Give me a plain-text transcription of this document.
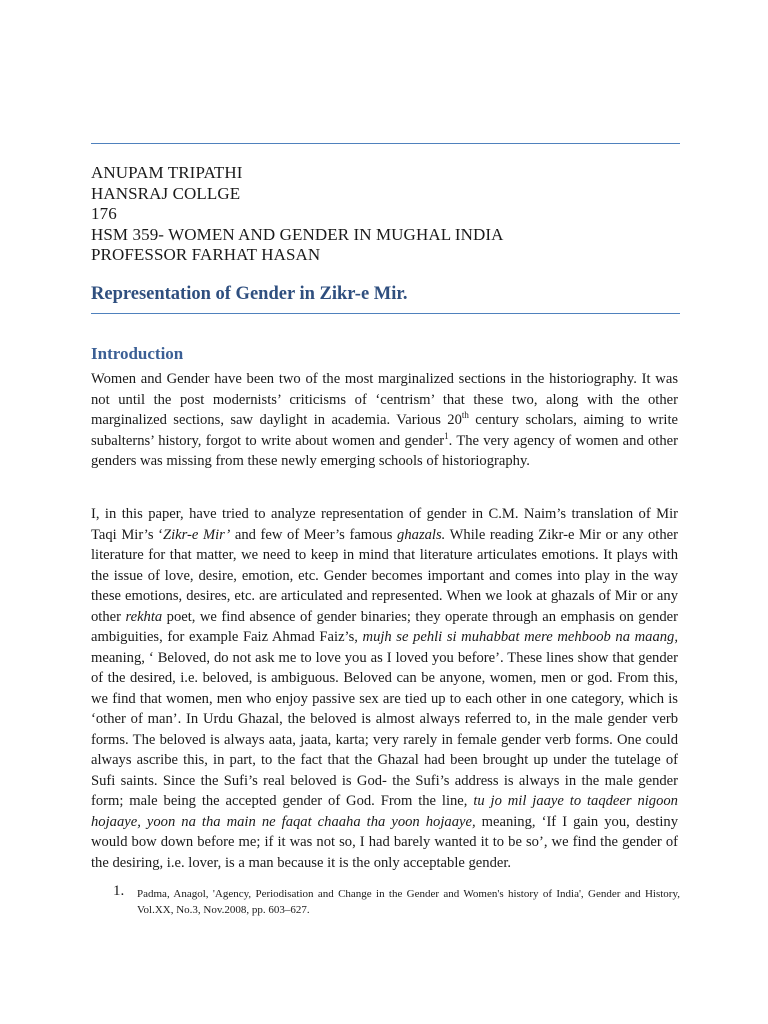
ANUPAM TRIPATHI
HANSRAJ COLLGE
176
HSM 359- WOMEN AND GENDER IN MUGHAL INDIA
PROFESSOR FARHAT HASAN
Representation of Gender in Zikr-e Mir.
Introduction
Women and Gender have been two of the most marginalized sections in the historiography. It was not until the post modernists’ criticisms of ‘centrism’ that these two, along with the other marginalized sections, saw daylight in academia. Various 20th century scholars, aiming to write subalterns’ history, forgot to write about women and gender$^1$. The very agency of women and other genders was missing from these newly emerging schools of historiography.
I, in this paper, have tried to analyze representation of gender in C.M. Naim’s translation of Mir Taqi Mir’s ‘Zikr-e Mir’ and few of Meer’s famous ghazals. While reading Zikr-e Mir or any other literature for that matter, we need to keep in mind that literature articulates emotions. It plays with the issue of love, desire, emotion, etc. Gender becomes important and comes into play in the way these emotions, desires, etc. are articulated and represented. When we look at ghazals of Mir or any other rekhta poet, we find absence of gender binaries; they operate through an emphasis on gender ambiguities, for example Faiz Ahmad Faiz’s, mujh se pehli si muhabbat mere mehboob na maang, meaning, ‘ Beloved, do not ask me to love you as I loved you before’. These lines show that gender of the desired, i.e. beloved, is ambiguous. Beloved can be anyone, women, men or god. From this, we find that women, men who enjoy passive sex are tied up to each other in one category, which is ‘other of man’. In Urdu Ghazal, the beloved is almost always referred to, in the male gender verb forms. The beloved is always aata, jaata, karta; very rarely in female gender verb forms. One could always ascribe this, in part, to the fact that the Ghazal had been brought up under the tutelage of Sufi saints. Since the Sufi’s real beloved is God- the Sufi’s address is always in the male gender form; male being the accepted gender of God. From the line, tu jo mil jaaye to taqdeer nigoon hojaaye, yoon na tha main ne faqat chaaha tha yoon hojaaye, meaning, ‘If I gain you, destiny would bow down before me; if it was not so, I had barely wanted it to be so’, we find the gender of the desiring, i.e. lover, is a man because it is the only acceptable gender.
1.	Padma, Anagol, 'Agency, Periodisation and Change in the Gender and Women's history of India', Gender and History, Vol.XX, No.3, Nov.2008, pp. 603–627.
